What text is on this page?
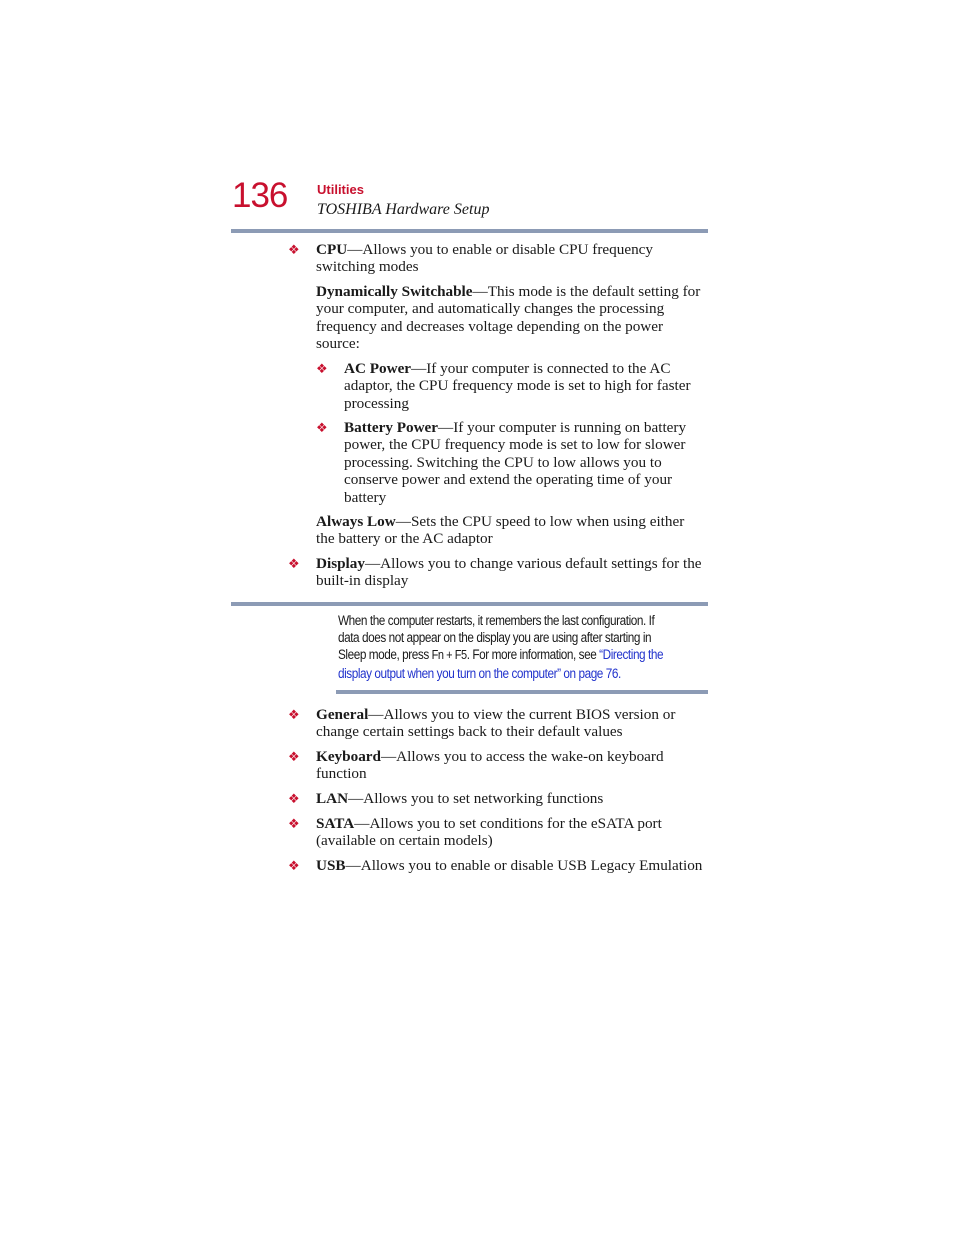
136 Utilities
TOSHIBA Hardware Setup
❖ CPU—Allows you to enable or disable CPU frequency
switching modes
Dynamically Switchable—This mode is the default setting for
your computer, and automatically changes the processing
frequency and decreases voltage depending on the power
source:
❖ AC Power—If your computer is connected to the AC
adaptor, the CPU frequency mode is set to high for faster
processing
❖ Battery Power—If your computer is running on battery
power, the CPU frequency mode is set to low for slower
processing. Switching the CPU to low allows you to
conserve power and extend the operating time of your
battery
Always Low—Sets the CPU speed to low when using either
the battery or the AC adaptor
❖ Display—Allows you to change various default settings for the
built-in display
When the computer restarts, it remembers the last configuration. If
data does not appear on the display you are using after starting in
Sleep mode, press Fn + F5. For more information, see “Directing the
display output when you turn on the computer” on page 76.
❖ General—Allows you to view the current BIOS version or
change certain settings back to their default values
❖ Keyboard—Allows you to access the wake-on keyboard
function
❖ LAN—Allows you to set networking functions
❖ SATA—Allows you to set conditions for the eSATA port
(available on certain models)
❖ USB—Allows you to enable or disable USB Legacy Emulation
